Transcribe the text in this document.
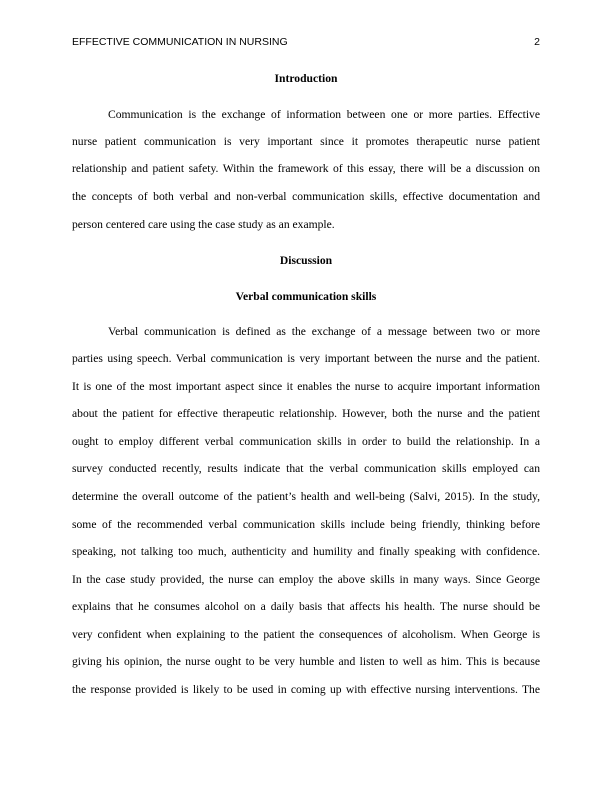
EFFECTIVE COMMUNICATION IN NURSING	2
Introduction
Communication is the exchange of information between one or more parties. Effective
nurse patient communication is very important since it promotes therapeutic nurse patient
relationship and patient safety. Within the framework of this essay, there will be a discussion on
the concepts of both verbal and non-verbal communication skills, effective documentation and
person centered care using the case study as an example.
Discussion
Verbal communication skills
Verbal communication is defined as the exchange of a message between two or more
parties using speech. Verbal communication is very important between the nurse and the patient.
It is one of the most important aspect since it enables the nurse to acquire important information
about the patient for effective therapeutic relationship. However, both the nurse and the patient
ought to employ different verbal communication skills in order to build the relationship. In a
survey conducted recently, results indicate that the verbal communication skills employed can
determine the overall outcome of the patient’s health and well-being (Salvi, 2015). In the study,
some of the recommended verbal communication skills include being friendly, thinking before
speaking, not talking too much, authenticity and humility and finally speaking with confidence.
In the case study provided, the nurse can employ the above skills in many ways. Since George
explains that he consumes alcohol on a daily basis that affects his health. The nurse should be
very confident when explaining to the patient the consequences of alcoholism. When George is
giving his opinion, the nurse ought to be very humble and listen to well as him. This is because
the response provided is likely to be used in coming up with effective nursing interventions. The
